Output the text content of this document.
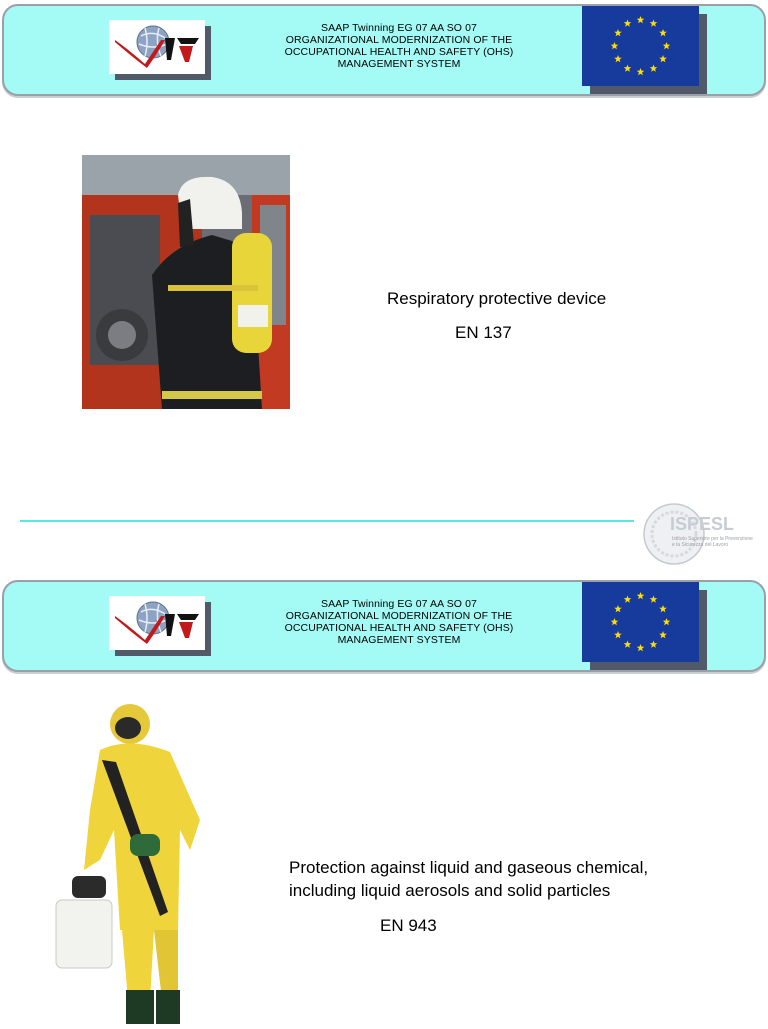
SAAP Twinning EG 07 AA SO 07
ORGANIZATIONAL MODERNIZATION OF THE
OCCUPATIONAL HEALTH AND SAFETY (OHS)
MANAGEMENT SYSTEM
Respiratory protective device
EN 137
ISPESL
Istituto Superiore per la Prevenzione
e la Sicurezza del Lavoro
SAAP Twinning EG 07 AA SO 07
ORGANIZATIONAL MODERNIZATION OF THE
OCCUPATIONAL HEALTH AND SAFETY (OHS)
MANAGEMENT SYSTEM
Protection against liquid and gaseous chemical,
including liquid aerosols and solid particles
EN 943
